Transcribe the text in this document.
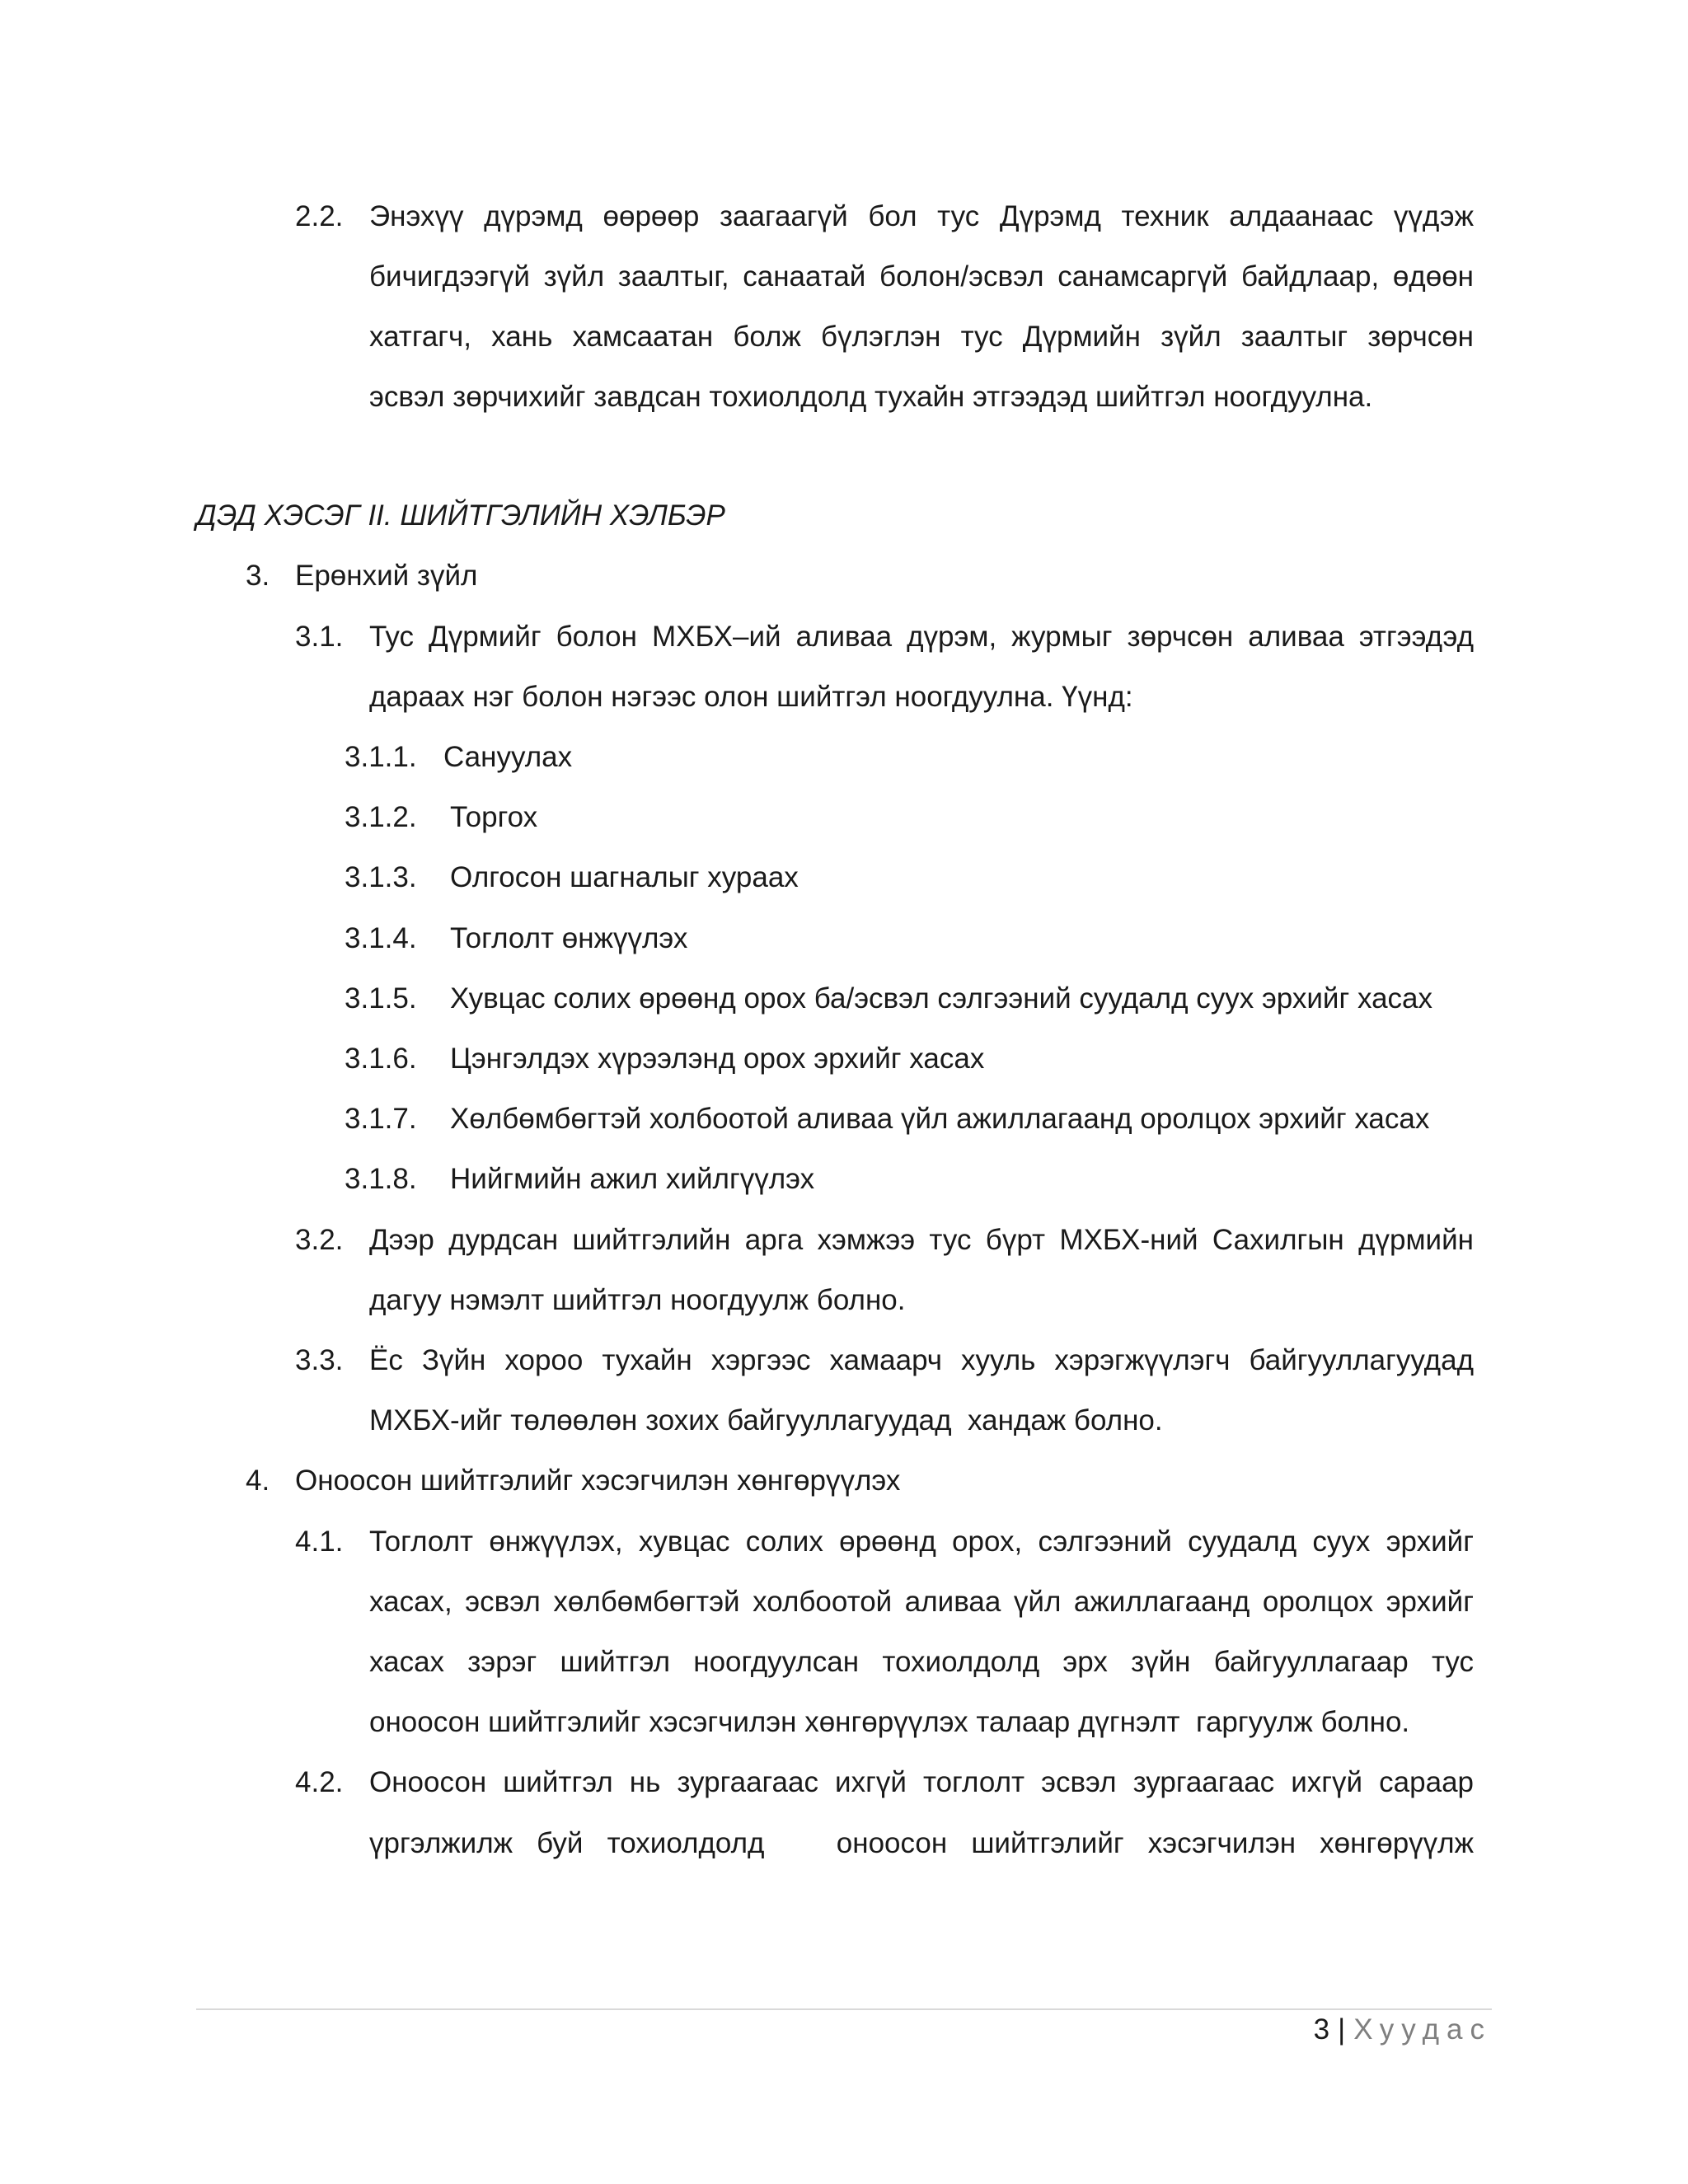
2.2. Энэхүү дүрэмд өөрөөр заагаагүй бол тус Дүрэмд техник алдаанаас үүдэж
бичигдээгүй зүйл заалтыг, санаатай болон/эсвэл санамсаргүй байдлаар, өдөөн
хатгагч, хань хамсаатан болж бүлэглэн тус Дүрмийн зүйл заалтыг зөрчсөн
эсвэл зөрчихийг завдсан тохиолдолд тухайн этгээдэд шийтгэл ноогдуулна.
ДЭД ХЭСЭГ II. ШИЙТГЭЛИЙН ХЭЛБЭР
3. Ерөнхий зүйл
3.1. Тус Дүрмийг болон МХБХ–ий аливаа дүрэм, журмыг зөрчсөн аливаа этгээдэд
дараах нэг болон нэгээс олон шийтгэл ноогдуулна. Үүнд:
3.1.1. Сануулах
3.1.2. Торгох
3.1.3. Олгосон шагналыг хураах
3.1.4. Тоглолт өнжүүлэх
3.1.5. Хувцас солих өрөөнд орох ба/эсвэл сэлгээний суудалд суух эрхийг хасах
3.1.6. Цэнгэлдэх хүрээлэнд орох эрхийг хасах
3.1.7. Хөлбөмбөгтэй холбоотой аливаа үйл ажиллагаанд оролцох эрхийг хасах
3.1.8. Нийгмийн ажил хийлгүүлэх
3.2. Дээр дурдсан шийтгэлийн арга хэмжээ тус бүрт МХБХ-ний Сахилгын дүрмийн
дагуу нэмэлт шийтгэл ноогдуулж болно.
3.3. Ёс Зүйн хороо тухайн хэргээс хамаарч хууль хэрэгжүүлэгч байгууллагуудад
МХБХ-ийг төлөөлөн зохих байгууллагуудад  хандаж болно.
4. Оноосон шийтгэлийг хэсэгчилэн хөнгөрүүлэх
4.1. Тоглолт өнжүүлэх, хувцас солих өрөөнд орох, сэлгээний суудалд суух эрхийг
хасах, эсвэл хөлбөмбөгтэй холбоотой аливаа үйл ажиллагаанд оролцох эрхийг
хасах зэрэг шийтгэл ноогдуулсан тохиолдолд эрх зүйн байгууллагаар тус
оноосон шийтгэлийг хэсэгчилэн хөнгөрүүлэх талаар дүгнэлт  гаргуулж болно.
4.2. Оноосон шийтгэл нь зургаагаас ихгүй тоглолт эсвэл зургаагаас ихгүй сараар
үргэлжилж буй тохиолдолд   оноосон шийтгэлийг хэсэгчилэн хөнгөрүүлж
3 | Хуудас
